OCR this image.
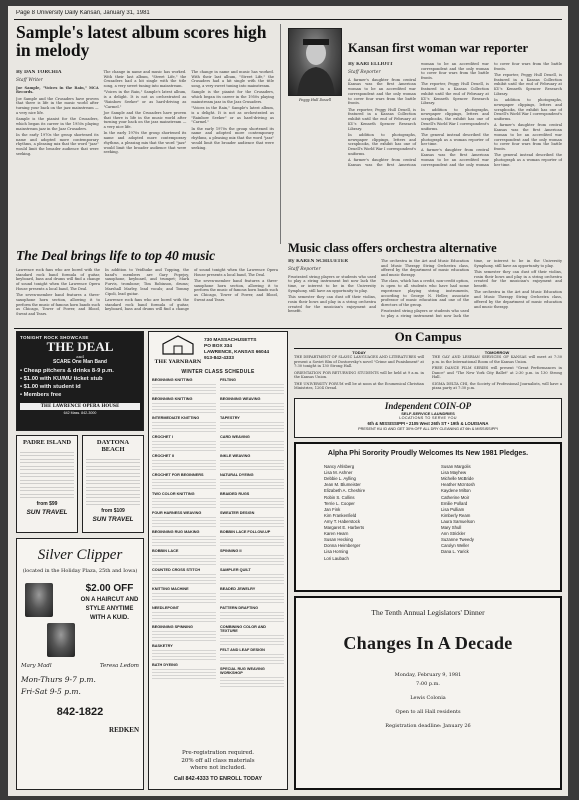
Page 8 University Daily Kansan, January 31, 1981
Sample's latest album scores high in melody
By DAN TORCHIA
Staff Writer

Joe Sample, "Voices in the Rain," MCA Records.

Joe Sample and the Crusaders have proven that there is life in the music world after turning your back on the jazz mainstream — a very nice life.

Sample is the pianist for the Crusaders, which began its career in the 1950s playing mainstream jazz in the Jazz Crusaders.

In the early 1970s the group shortened its name and adopted more contemporary rhythms, a pleasing mix that the word "jazz" would limit the broader audience that were seeking.

The change in name and music has worked. With their last album, "Street Life," the Crusaders had a hit single with the title song, a very sweet tuning into mainstream.

"Voices in the Rain," Sample's latest album, is a delight. It is not as orchestrated as "Rainbow Seeker" or as hard-driving as "Carmel."

Joe Sample and the Crusaders have proven that there is life in the music world after turning your back on the jazz mainstream — a very nice life.

In the early 1970s the group shortened its name and adopted more contemporary rhythms, a pleasing mix that the word "jazz" would limit the broader audience that were seeking.

The change in name and music has worked. With their last album, "Street Life," the Crusaders had a hit single with the title song, a very sweet tuning into mainstream.

Sample is the pianist for the Crusaders, which began its career in the 1950s playing mainstream jazz in the Jazz Crusaders.

"Voices in the Rain," Sample's latest album, is a delight. It is not as orchestrated as "Rainbow Seeker" or as hard-driving as "Carmel."

In the early 1970s the group shortened its name and adopted more contemporary rhythms, a pleasing mix that the word "jazz" would limit the broader audience that were seeking.

Peggy Hull Deuell
Kansan first woman war reporter
By KARI ELLIOTT
Staff Reporter

A farmer's daughter from central Kansas was the first American woman to be an accredited war correspondent and the only woman to cover four wars from the battle fronts.

The reporter, Peggy Hull Deuell, is featured in a Kansas Collection exhibit until the end of February at KU's Kenneth Spencer Research Library.

In addition to photographs, newspaper clippings, letters and scrapbooks, the exhibit has one of Deuell's World War I correspondent's uniforms.

A farmer's daughter from central Kansas was the first American woman to be an accredited war correspondent and the only woman to cover four wars from the battle fronts.

The reporter, Peggy Hull Deuell, is featured in a Kansas Collection exhibit until the end of February at KU's Kenneth Spencer Research Library.

In addition to photographs, newspaper clippings, letters and scrapbooks, the exhibit has one of Deuell's World War I correspondent's uniforms.

The general instead described the photograph as a woman reporter of her time.

A farmer's daughter from central Kansas was the first American woman to be an accredited war correspondent and the only woman to cover four wars from the battle fronts.

The reporter, Peggy Hull Deuell, is featured in a Kansas Collection exhibit until the end of February at KU's Kenneth Spencer Research Library.

In addition to photographs, newspaper clippings, letters and scrapbooks, the exhibit has one of Deuell's World War I correspondent's uniforms.

A farmer's daughter from central Kansas was the first American woman to be an accredited war correspondent and the only woman to cover four wars from the battle fronts.

The general instead described the photograph as a woman reporter of her time.

Music class offers orchestra alternative
By KAREN SCHLUETER
Staff Reporter

Frustrated string players or students who used to play a string instrument but now lack the time, or interest to be in the University Symphony, still have an opportunity to play.

This semester they can dust off their violins, rosin their bows and play in a string orchestra created for the musician's enjoyment and benefit.

The orchestra in the Art and Music Education and Music Therapy String Orchestra class, offered by the department of music education and music therapy.

The class, which has a credit, non-credit option, is open to all students who have had some experience playing string instruments, according to George N. Heller, associate professor of music education and one of the directors of the group.

Frustrated string players or students who used to play a string instrument but now lack the time, or interest to be in the University Symphony, still have an opportunity to play.

This semester they can dust off their violins, rosin their bows and play in a string orchestra created for the musician's enjoyment and benefit.

The orchestra in the Art and Music Education and Music Therapy String Orchestra class, offered by the department of music education and music therapy.

The Deal brings life to top 40 music

Lawrence rock fans who are bored with the standard rock band formula of guitar, keyboard, bass and drums will find a change of sound tonight when the Lawrence Opera House presents a local band, The Deal.

The seven-member band features a three-saxophone horn section, allowing it to perform the music of famous horn bands such as Chicago, Tower of Power, and Blood, Sweat and Tears.

In addition to Veidhuke and Topping, the band's members are Gary Popejoy, saxophone, keyboard, and trumpet; Mark Furvis, trombone; Tim Robinson, drums; Marshall Marley, lead vocals; and Tommy Cipoli, lead guitar.

Lawrence rock fans who are bored with the standard rock band formula of guitar, keyboard, bass and drums will find a change of sound tonight when the Lawrence Opera House presents a local band, The Deal.

The seven-member band features a three-saxophone horn section, allowing it to perform the music of famous horn bands such as Chicago, Tower of Power, and Blood, Sweat and Tears.

TONIGHT ROCK SHOWCASE
THE DEAL
and
SCARE One Man Band
• Cheap pitchers & drinks 8-9 p.m.
• $1.00 with KU/MU ticket stub
• $1.00 with student id
• Members free
THE LAWRENCE OPERA HOUSE
642 Mass. 842-3000
PADRE ISLAND
from $99
SUN TRAVEL
DAYTONA BEACH
from $109
SUN TRAVEL
Silver Clipper
(located in the Holiday Plaza, 25th and Iowa)
$2.00 OFF
ON A HAIRCUT AND
STYLE ANYTIME
WITH A KUID.
Mary Madl	Teresa Ledom
Mon-Thurs 9-7 p.m.
Fri-Sat 9-5 p.m.
842-1822
REDKEN
THE YARNBARN
730 MASSACHUSETTS
PO BOX 334
LAWRENCE, KANSAS 66044
913-842-4333
WINTER CLASS SCHEDULE
BEGINNING KNITTING
BEGINNING KNITTING
INTERMEDIATE KNITTING
CROCHET I
CROCHET II
CROCHET FOR BEGINNERS
TWO COLOR KNITTING
FOUR HARNESS WEAVING
BEGINNING RUG MAKING
BOBBIN LACE
COUNTED CROSS STITCH
KNITTING MACHINE
NEEDLEPOINT
BEGINNING SPINNING
BASKETRY
BATH DYEING
FELTING
BEGINNING WEAVING
TAPESTRY
CARD WEAVING
INKLE WEAVING
NATURAL DYEING
BRAIDED RUGS
SWEATER DESIGN
BOBBIN LACE FOLLOW-UP
SPINNING II
SAMPLER QUILT
BEADED JEWELRY
PATTERN DRAFTING
COMBINING COLOR AND TEXTURE
FELT AND LEAF DESIGN
SPECIAL RUG WEAVING WORKSHOP
Pre-registration required.
20% off all class materials
where not included.
Call 842-4333 TO ENROLL TODAY
On Campus
TODAY

THE DEPARTMENT OF SLAVIC LANGUAGES AND LITERATURES will present a Soviet film of Dostoevsky's novel "Crime and Punishment" at 7:30 tonight in 130 Strong Hall.

ORIENTATION FOR RETURNING STUDENTS will be held at 9 a.m. in the Kansas Union.

THE UNIVERSITY FORUM will be at noon at the Ecumenical Christian Ministries, 1204 Oread.

TOMORROW

THE GAY AND LESBIAN SERVICES OF KANSAS will meet at 7:30 p.m. in the International Room of the Kansas Union.

FREE DANCE FILM SERIES will present "Great Performances in Dance" and "The New York City Ballet" at 2:30 p.m. in 130 Strong Hall.

SIGMA DELTA CHI, the Society of Professional Journalists, will have a pizza party at 7:30 p.m.

Independent COIN-OP
SELF-SERVICE LAUNDRIES
LOCATIONS TO SERVE YOU
6th & MISSISSIPPI • 2105 West 26th ST • 19th & LOUISIANA
PRESENT KU ID AND GET 30% OFF ALL DRY CLEANING AT 6th & MISSISSIPPI
Alpha Phi Sorority Proudly Welcomes Its New 1981 Pledges.
Nancy Ahlsberg
Lisa M. Ashner
Debbie L. Aylling
Jean M. Blumeister
Elizabeth A. Cheshire
Robin S. Collins
Terrie L. Cooper
Jan Fink
Kim Frankenfield
Amy T. Haberstock
Margaret E. Harberts
Karen Hearn
Susan Hecking
Donna Heimberger
Lisa Horning
Lori Laubach
Susan Margolis
Lisa Mayhew
Michelle McBride
Heather McIntosh
Kaydene Milton
Catherine Moir
Emilie Pollard
Lisa Pulliam
Kimberly Ream
Laura Samuelson
Mary Shull
Ann Strickler
Suzanne Tweedy
Carolyn Weller
Dana L. Yarick
The Tenth Annual Legislators' Dinner
Changes In A Decade
Monday, February 9, 1981
7:00 p.m.
Lewis Colonia
Open to all Hall residents
Registration deadline: January 26
